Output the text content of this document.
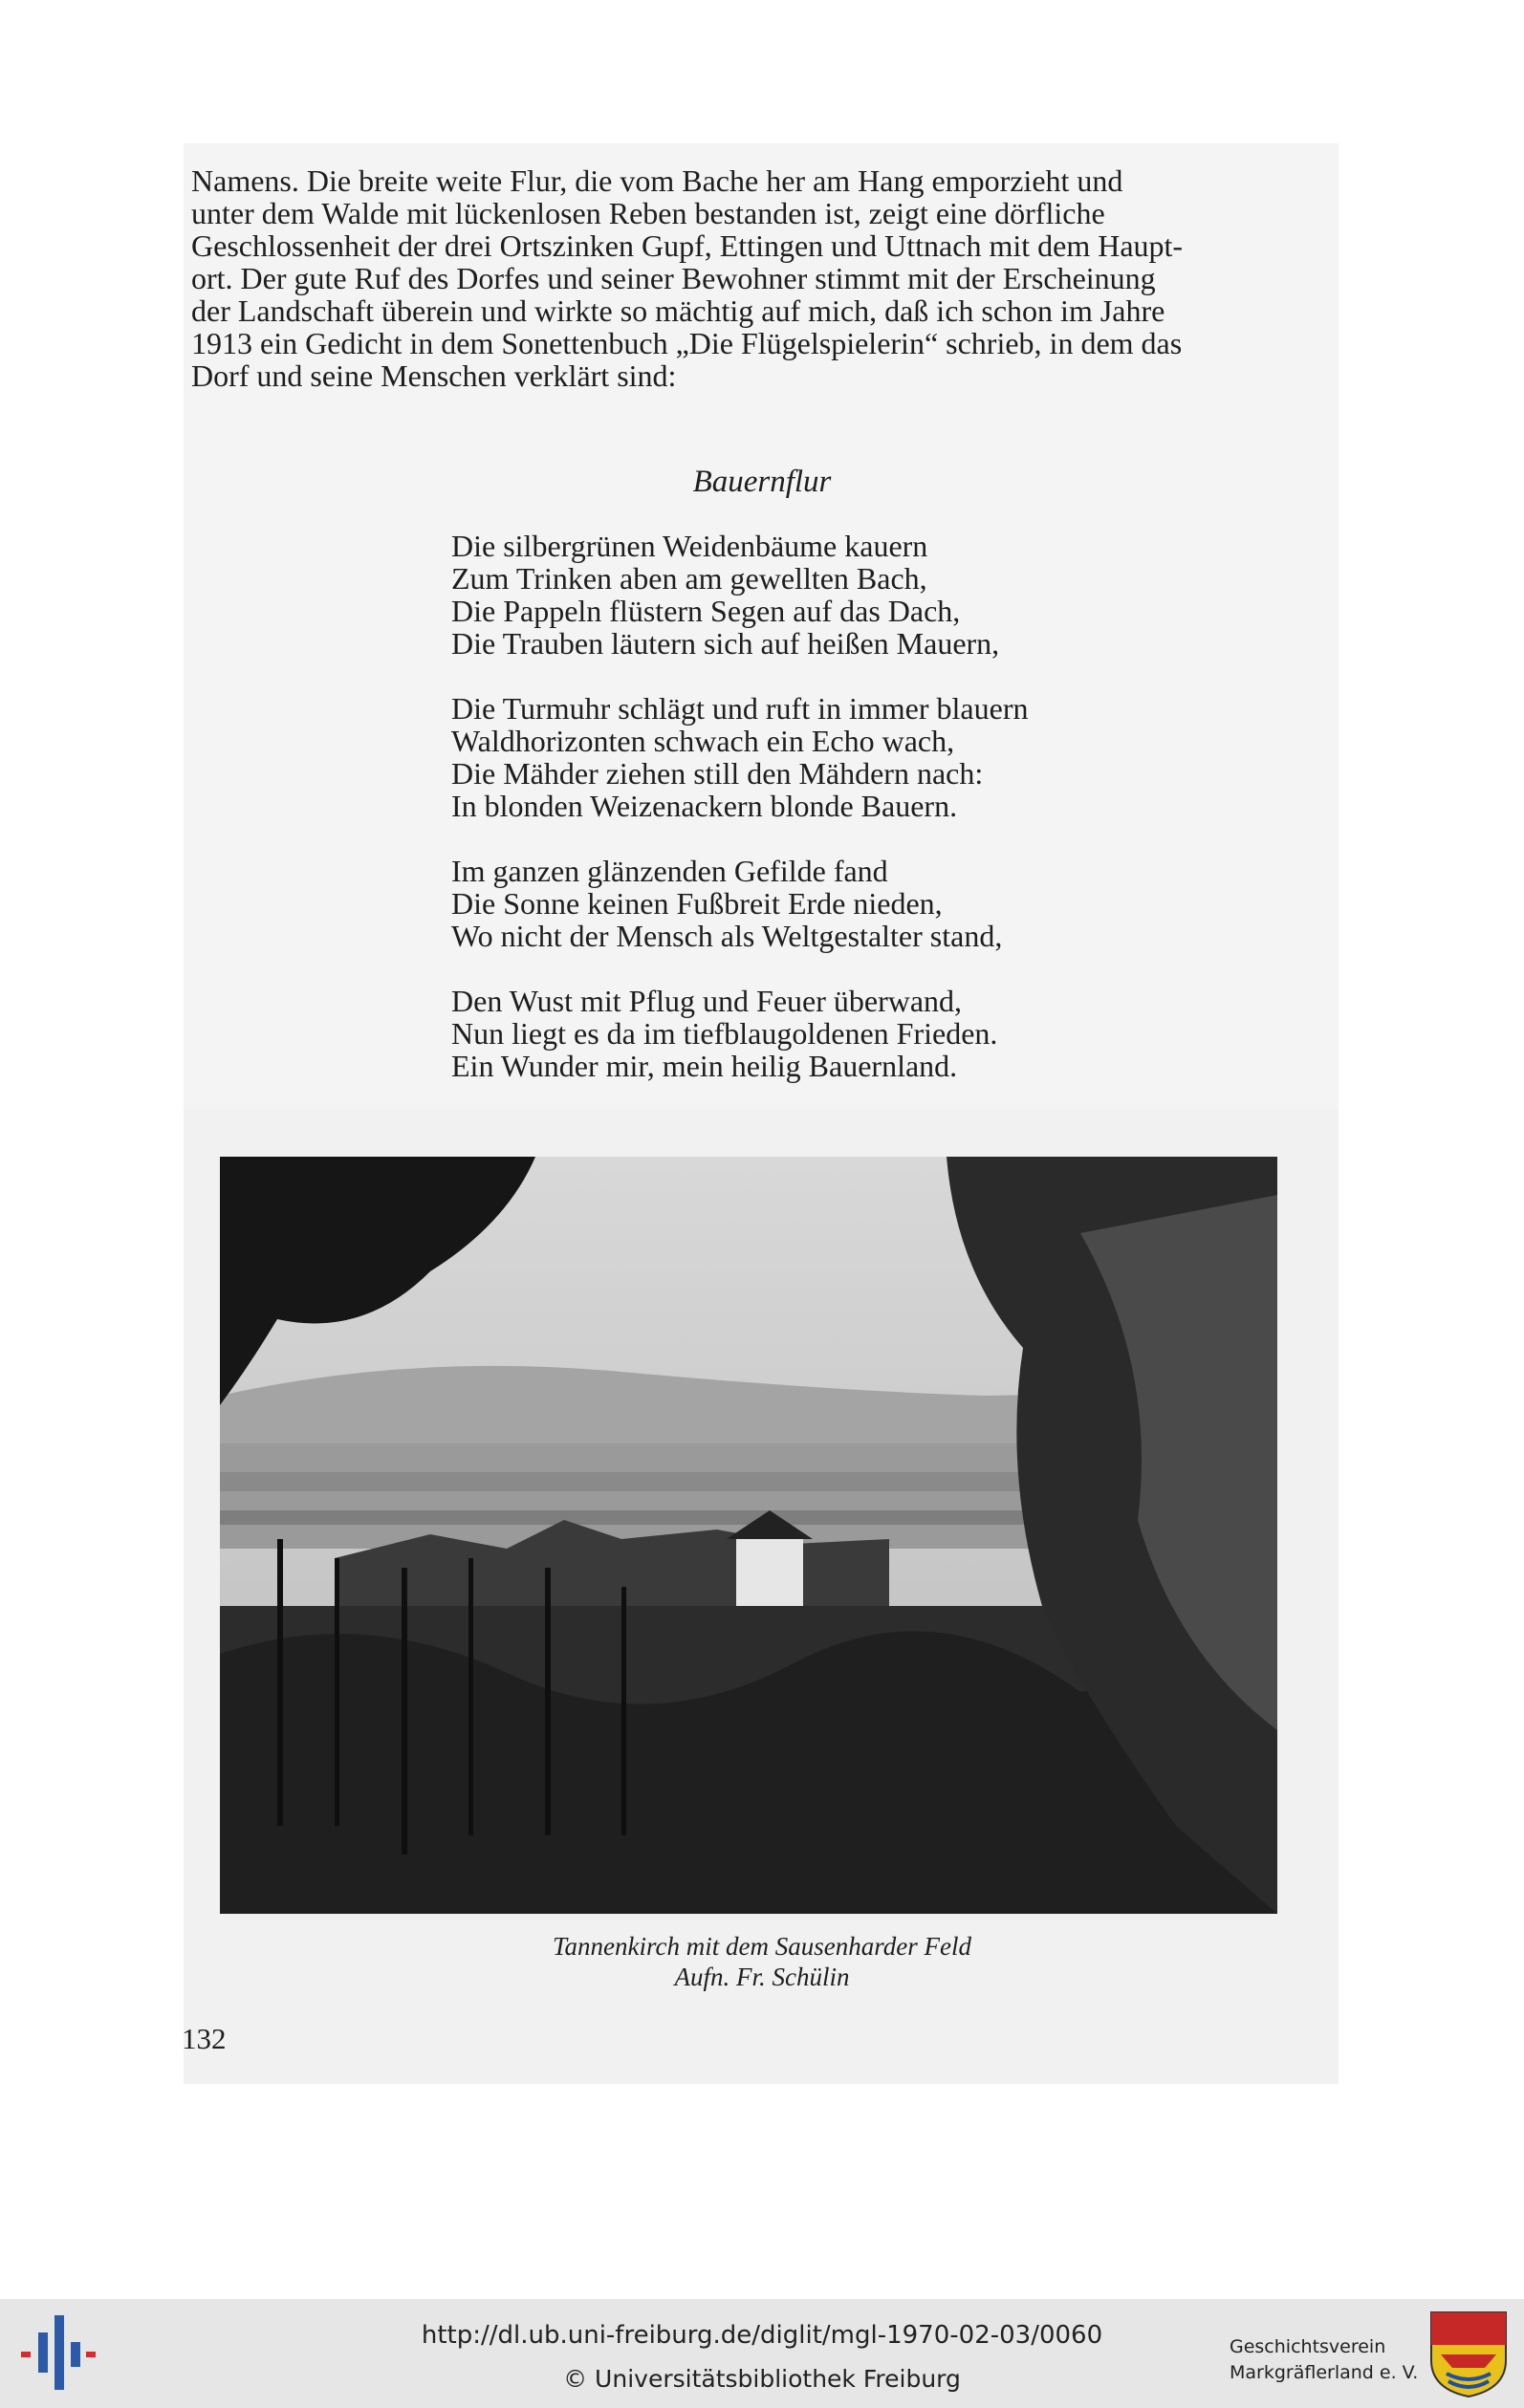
Namens. Die breite weite Flur, die vom Bache her am Hang emporzieht und
unter dem Walde mit lückenlosen Reben bestanden ist, zeigt eine dörfliche
Geschlossenheit der drei Ortszinken Gupf, Ettingen und Uttnach mit dem Haupt-
ort. Der gute Ruf des Dorfes und seiner Bewohner stimmt mit der Erscheinung
der Landschaft überein und wirkte so mächtig auf mich, daß ich schon im Jahre
1913 ein Gedicht in dem Sonettenbuch „Die Flügelspielerin“ schrieb, in dem das
Dorf und seine Menschen verklärt sind:
Bauernflur
Die silbergrünen Weidenbäume kauern
Zum Trinken aben am gewellten Bach,
Die Pappeln flüstern Segen auf das Dach,
Die Trauben läutern sich auf heißen Mauern,
Die Turmuhr schlägt und ruft in immer blauern
Waldhorizonten schwach ein Echo wach,
Die Mähder ziehen still den Mähdern nach:
In blonden Weizenackern blonde Bauern.
Im ganzen glänzenden Gefilde fand
Die Sonne keinen Fußbreit Erde nieden,
Wo nicht der Mensch als Weltgestalter stand,
Den Wust mit Pflug und Feuer überwand,
Nun liegt es da im tiefblaugoldenen Frieden.
Ein Wunder mir, mein heilig Bauernland.
Tannenkirch mit dem Sausenharder Feld
Aufn. Fr. Schülin
132
http://dl.ub.uni-freiburg.de/diglit/mgl-1970-02-03/0060
© Universitätsbibliothek Freiburg
Geschichtsverein
Markgräflerland e. V.
